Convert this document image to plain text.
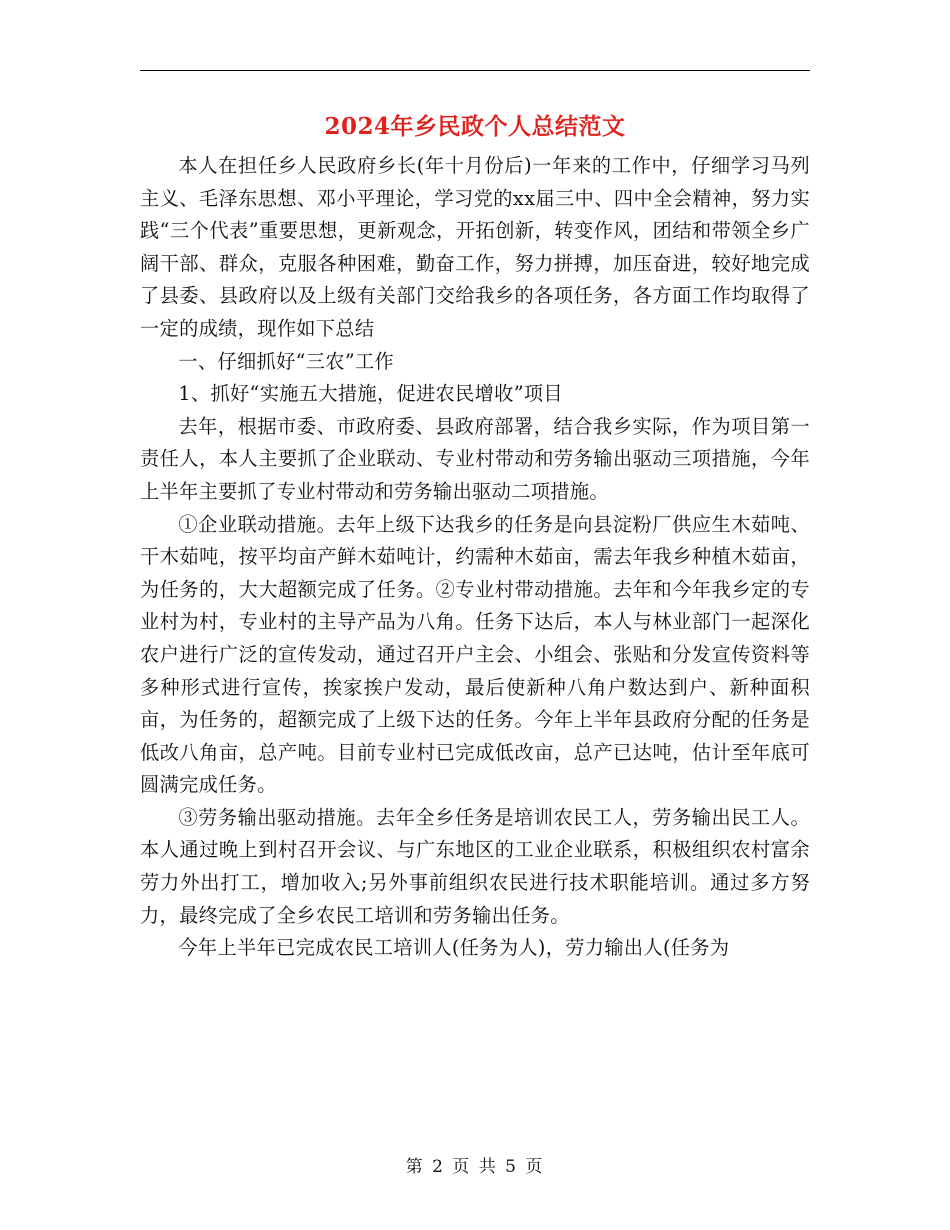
2024年乡民政个人总结范文

本人在担任乡人民政府乡长(年十月份后)一年来的工作中，仔细学习马列主义、毛泽东思想、邓小平理论，学习党的xx届三中、四中全会精神，努力实践“三个代表”重要思想，更新观念，开拓创新，转变作风，团结和带领全乡广阔干部、群众，克服各种困难，勤奋工作，努力拼搏，加压奋进，较好地完成了县委、县政府以及上级有关部门交给我乡的各项任务，各方面工作均取得了一定的成绩，现作如下总结

一、仔细抓好“三农”工作

1、抓好“实施五大措施，促进农民增收”项目

去年，根据市委、市政府委、县政府部署，结合我乡实际，作为项目第一责任人，本人主要抓了企业联动、专业村带动和劳务输出驱动三项措施，今年上半年主要抓了专业村带动和劳务输出驱动二项措施。

①企业联动措施。去年上级下达我乡的任务是向县淀粉厂供应生木茹吨、干木茹吨，按平均亩产鲜木茹吨计，约需种木茹亩，需去年我乡种植木茹亩，为任务的，大大超额完成了任务。②专业村带动措施。去年和今年我乡定的专业村为村，专业村的主导产品为八角。任务下达后，本人与林业部门一起深化农户进行广泛的宣传发动，通过召开户主会、小组会、张贴和分发宣传资料等多种形式进行宣传，挨家挨户发动，最后使新种八角户数达到户、新种面积亩，为任务的，超额完成了上级下达的任务。今年上半年县政府分配的任务是低改八角亩，总产吨。目前专业村已完成低改亩，总产已达吨，估计至年底可圆满完成任务。

③劳务输出驱动措施。去年全乡任务是培训农民工人，劳务输出民工人。本人通过晚上到村召开会议、与广东地区的工业企业联系，积极组织农村富余劳力外出打工，增加收入;另外事前组织农民进行技术职能培训。通过多方努力，最终完成了全乡农民工培训和劳务输出任务。

今年上半年已完成农民工培训人(任务为人)，劳力输出人(任务为

第 2 页 共 5 页
